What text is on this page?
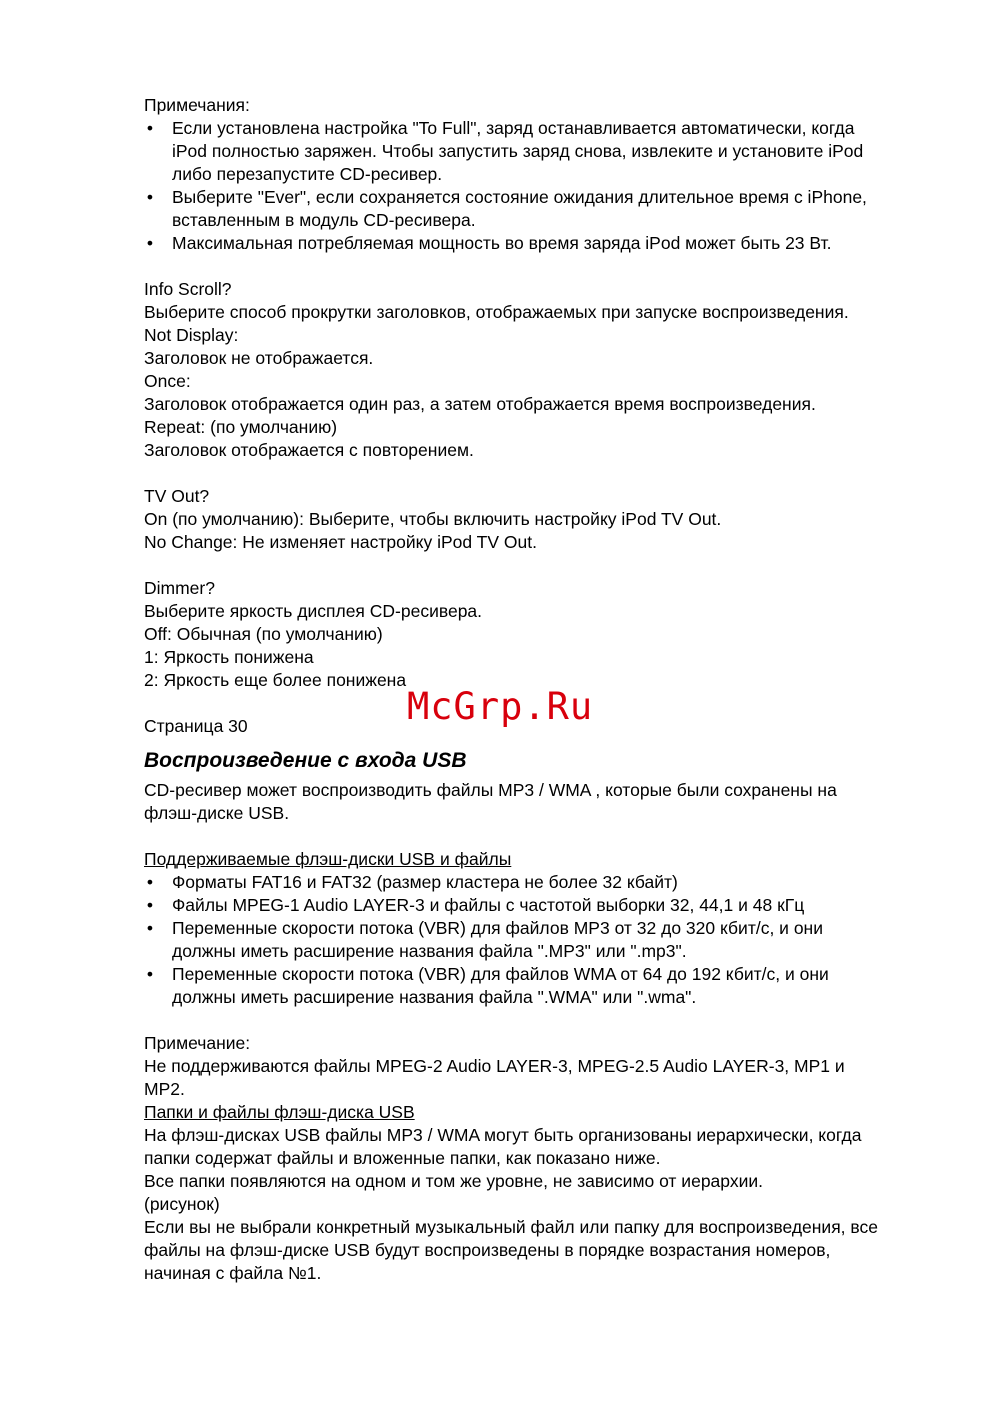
Примечания:

• Если установлена настройка "To Full", заряд останавливается автоматически, когда
iPod полностью заряжен. Чтобы запустить заряд снова, извлеките и установите iPod
либо перезапустите CD-ресивер.
• Выберите "Ever", если сохраняется состояние ожидания длительное время с iPhone,
вставленным в модуль CD-ресивера.
• Максимальная потребляемая мощность во время заряда iPod может быть 23 Вт.

Info Scroll?

Выберите способ прокрутки заголовков, отображаемых при запуске воспроизведения.

Not Display:

Заголовок не отображается.

Once:

Заголовок отображается один раз, а затем отображается время воспроизведения.

Repeat: (по умолчанию)

Заголовок отображается с повторением.

TV Out?

On (по умолчанию): Выберите, чтобы включить настройку iPod TV Out.

No Change: Не изменяет настройку iPod TV Out.

Dimmer?

Выберите яркость дисплея CD-ресивера.

Off: Обычная (по умолчанию)

1: Яркость понижена

2: Яркость еще более понижена

Страница 30

Воспроизведение с входа USB

CD-ресивер может воспроизводить файлы MP3 / WMA , которые были сохранены на

флэш-диске USB.

Поддерживаемые флэш-диски USB и файлы

• Форматы FAT16 и FAT32 (размер кластера не более 32 кбайт)
• Файлы MPEG-1 Audio LAYER-3 и файлы с частотой выборки 32, 44,1 и 48 кГц
• Переменные скорости потока (VBR) для файлов MP3 от 32 до 320 кбит/с, и они
должны иметь расширение названия файла ".MP3" или ".mp3".
• Переменные скорости потока (VBR) для файлов WMA от 64 до 192 кбит/с, и они
должны иметь расширение названия файла ".WMA" или ".wma".

Примечание:

Не поддерживаются файлы MPEG-2 Audio LAYER-3, MPEG-2.5 Audio LAYER-3, MP1 и

MP2.

Папки и файлы флэш-диска USB

На флэш-дисках USB файлы MP3 / WMA могут быть организованы иерархически, когда

папки содержат файлы и вложенные папки, как показано ниже.

Все папки появляются на одном и том же уровне, не зависимо от иерархии.

(рисунок)

Если вы не выбрали конкретный музыкальный файл или папку для воспроизведения, все

файлы на флэш-диске USB будут воспроизведены в порядке возрастания номеров,

начиная с файла №1.

McGrp.Ru
